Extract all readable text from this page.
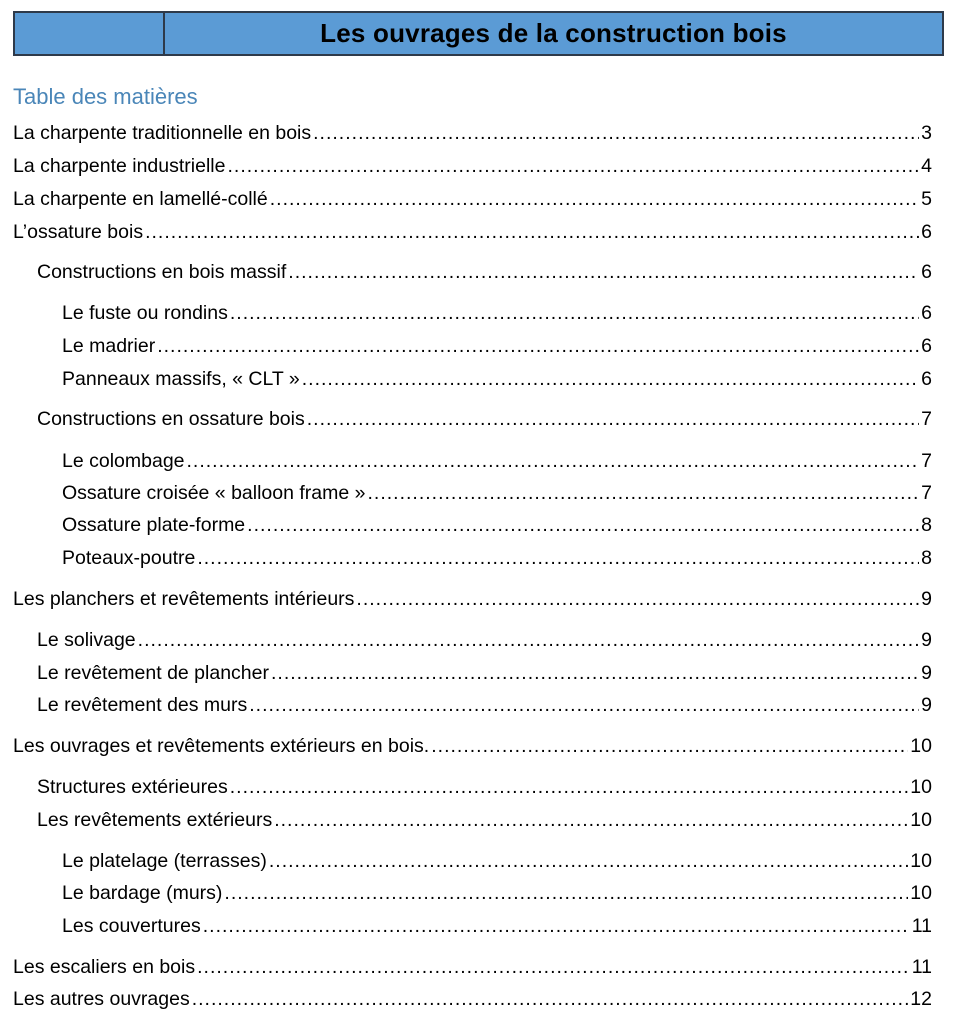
Les ouvrages de la construction bois
Table des matières
La charpente traditionnelle en bois .....	3
La charpente industrielle .....	4
La charpente en lamellé-collé .....	5
L’ossature bois .....	6
Constructions en bois massif .....	6
Le fuste ou rondins .....	6
Le madrier .....	6
Panneaux massifs, « CLT » .....	6
Constructions en ossature bois .....	7
Le colombage .....	7
Ossature croisée « balloon frame » .....	7
Ossature plate-forme .....	8
Poteaux-poutre .....	8
Les planchers et revêtements intérieurs .....	9
Le solivage .....	9
Le revêtement de plancher .....	9
Le revêtement des murs .....	9
Les ouvrages et revêtements extérieurs en bois. .....	10
Structures extérieures .....	10
Les revêtements extérieurs .....	10
Le platelage (terrasses) .....	10
Le bardage (murs) .....	10
Les couvertures .....	11
Les escaliers en bois .....	11
Les autres ouvrages .....	12
